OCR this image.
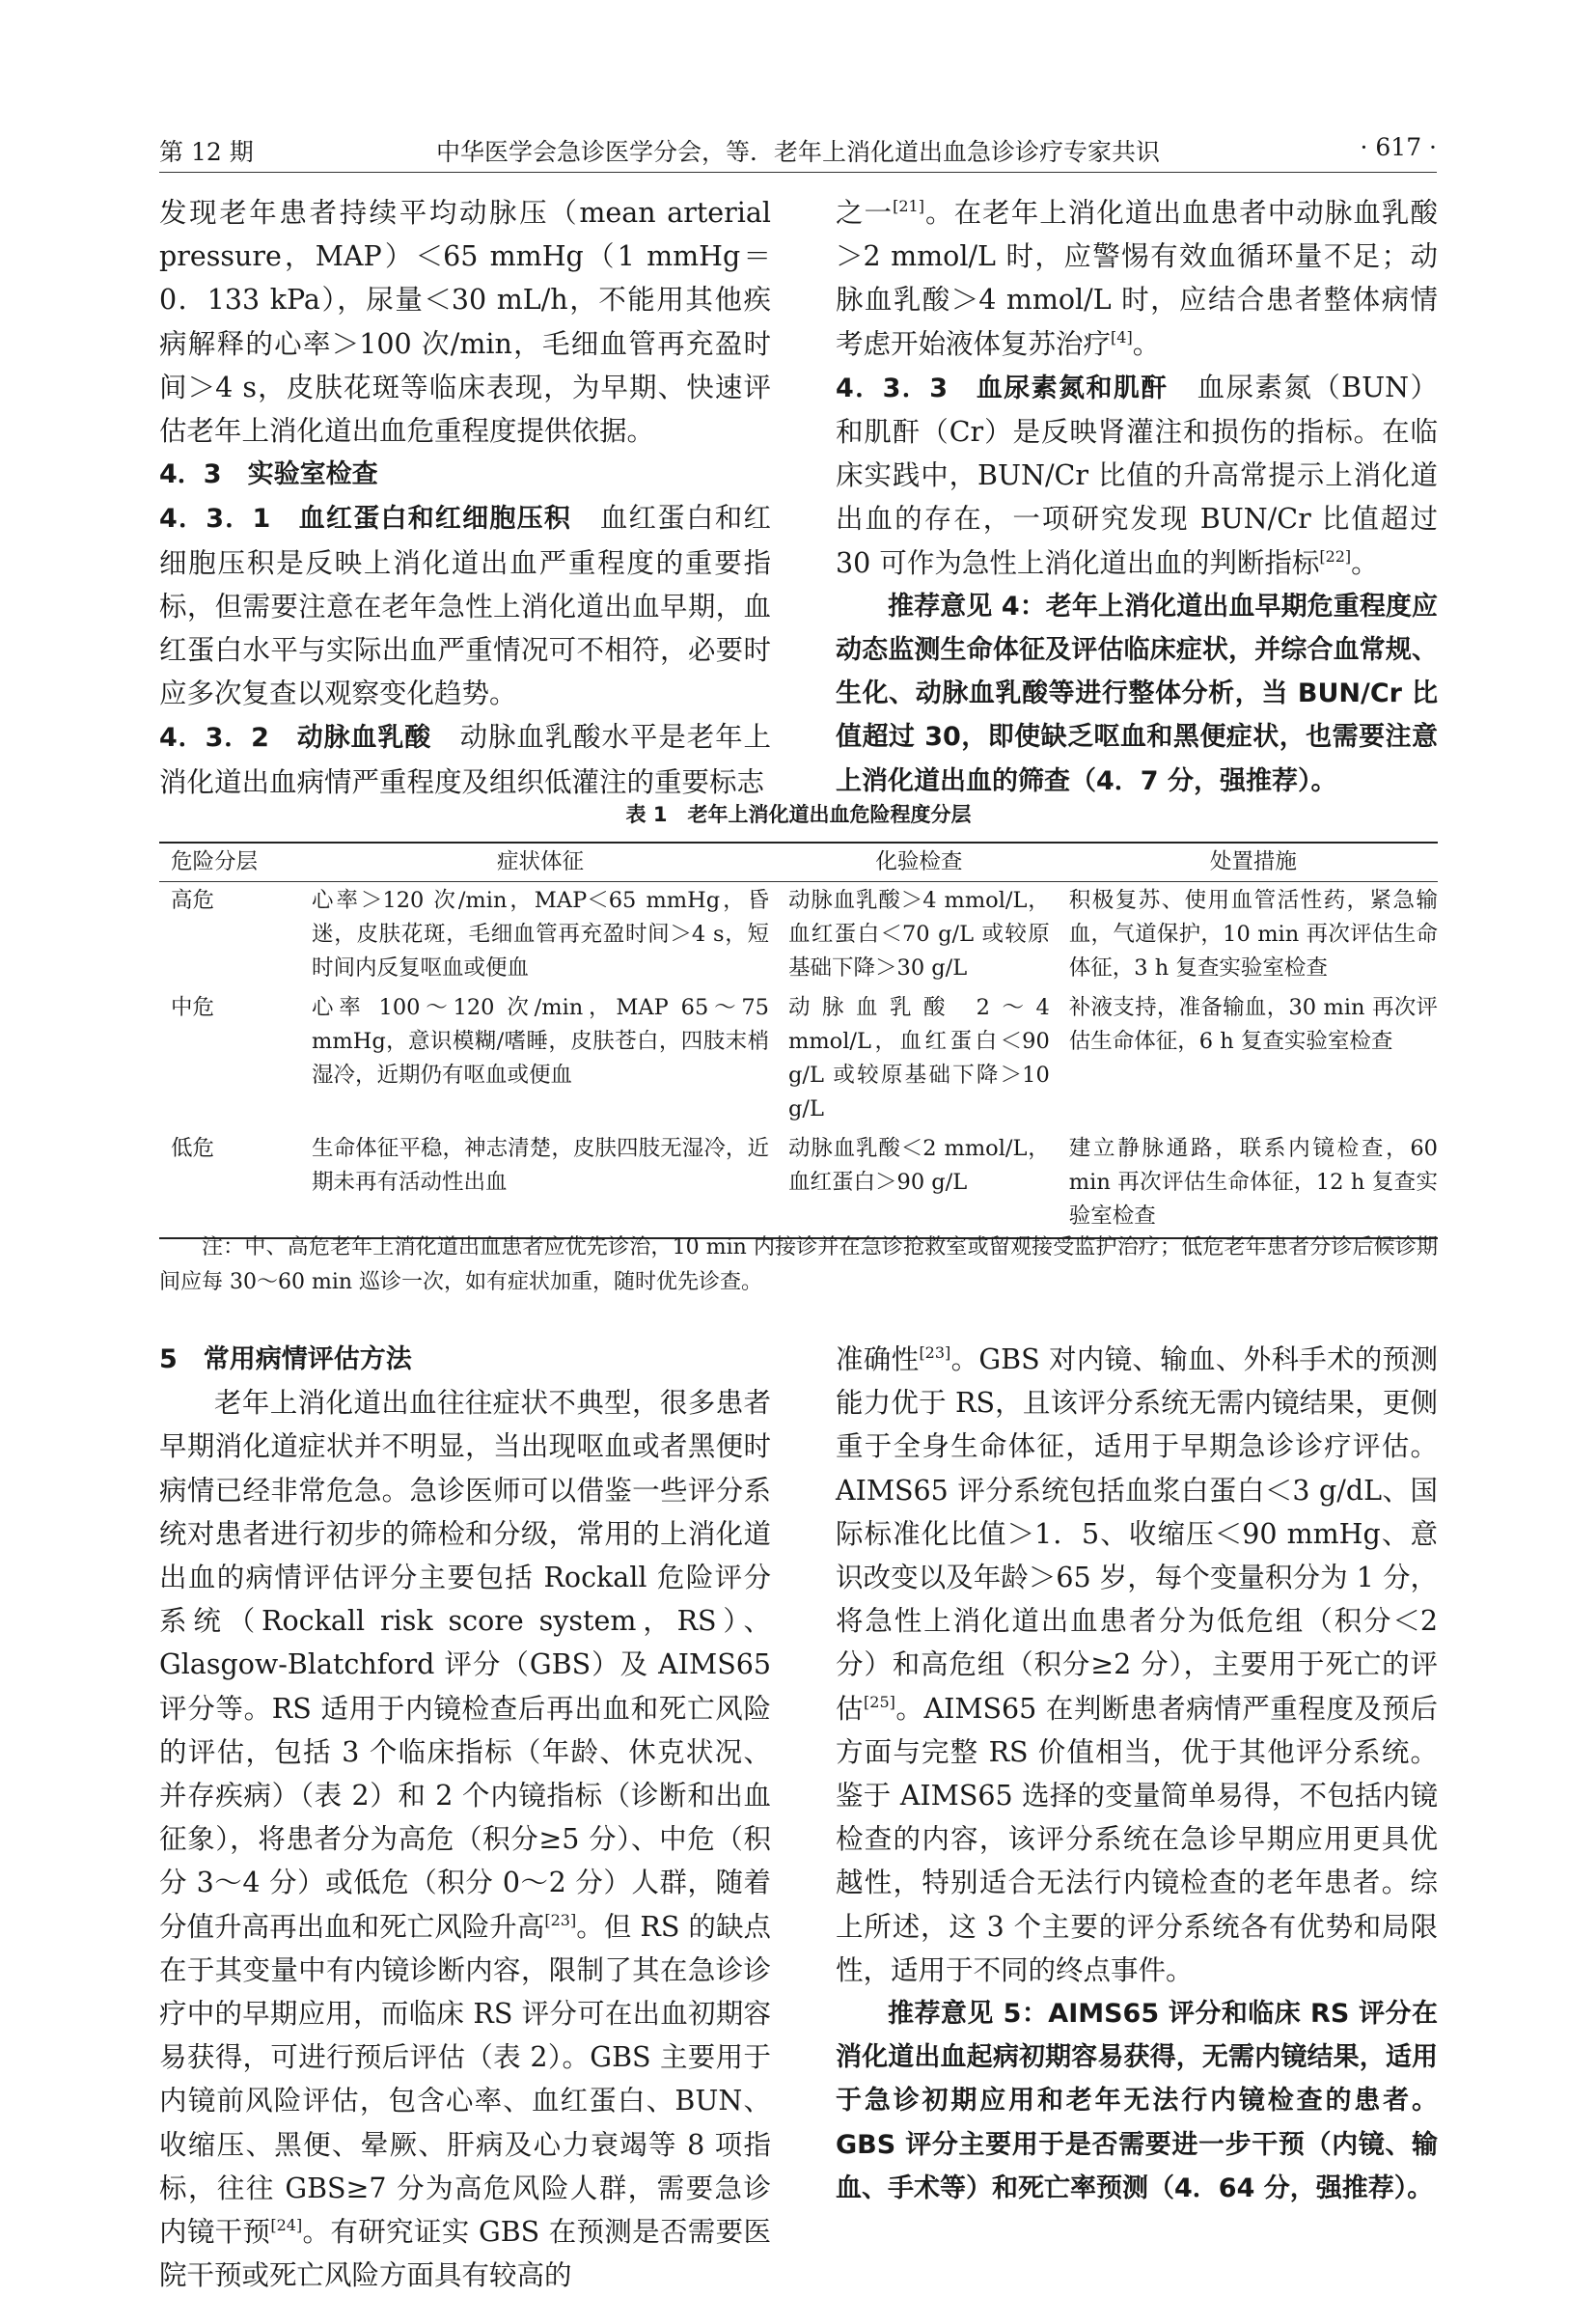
第 12 期	中华医学会急诊医学分会，等．老年上消化道出血急诊诊疗专家共识	· 617 ·

发现老年患者持续平均动脉压（mean arterial pressure，MAP）＜65 mmHg（1 mmHg＝0．133 kPa），尿量＜30 mL/h，不能用其他疾病解释的心率＞100 次/min，毛细血管再充盈时间＞4 s，皮肤花斑等临床表现，为早期、快速评估老年上消化道出血危重程度提供依据。

4．3　实验室检查

4．3．1　血红蛋白和红细胞压积　血红蛋白和红细胞压积是反映上消化道出血严重程度的重要指标，但需要注意在老年急性上消化道出血早期，血红蛋白水平与实际出血严重情况可不相符，必要时应多次复查以观察变化趋势。

4．3．2　动脉血乳酸　动脉血乳酸水平是老年上消化道出血病情严重程度及组织低灌注的重要标志

之一[21]。在老年上消化道出血患者中动脉血乳酸＞2 mmol/L 时，应警惕有效血循环量不足；动脉血乳酸＞4 mmol/L 时，应结合患者整体病情考虑开始液体复苏治疗[4]。

4．3．3　血尿素氮和肌酐　血尿素氮（BUN）和肌酐（Cr）是反映肾灌注和损伤的指标。在临床实践中，BUN/Cr 比值的升高常提示上消化道出血的存在，一项研究发现 BUN/Cr 比值超过 30 可作为急性上消化道出血的判断指标[22]。

推荐意见 4：老年上消化道出血早期危重程度应动态监测生命体征及评估临床症状，并综合血常规、生化、动脉血乳酸等进行整体分析，当 BUN/Cr 比值超过 30，即使缺乏呕血和黑便症状，也需要注意上消化道出血的筛查（4．7 分，强推荐）。

表 1　老年上消化道出血危险程度分层
危险分层	症状体征	化验检查	处置措施
高危	心率＞120 次/min，MAP＜65 mmHg，昏迷，皮肤花斑，毛细血管再充盈时间＞4 s，短时间内反复呕血或便血	动脉血乳酸＞4 mmol/L，血红蛋白＜70 g/L 或较原基础下降＞30 g/L	积极复苏、使用血管活性药，紧急输血，气道保护，10 min 再次评估生命体征，3 h 复查实验室检查
中危	心率 100～120 次/min，MAP 65～75 mmHg，意识模糊/嗜睡，皮肤苍白，四肢末梢湿冷，近期仍有呕血或便血	动脉血乳酸 2～4 mmol/L，血红蛋白＜90 g/L 或较原基础下降＞10 g/L	补液支持，准备输血，30 min 再次评估生命体征，6 h 复查实验室检查
低危	生命体征平稳，神志清楚，皮肤四肢无湿冷，近期未再有活动性出血	动脉血乳酸＜2 mmol/L，血红蛋白＞90 g/L	建立静脉通路，联系内镜检查，60 min 再次评估生命体征，12 h 复查实验室检查
注：中、高危老年上消化道出血患者应优先诊治，10 min 内接诊并在急诊抢救室或留观接受监护治疗；低危老年患者分诊后候诊期间应每 30～60 min 巡诊一次，如有症状加重，随时优先诊查。

5　常用病情评估方法

老年上消化道出血往往症状不典型，很多患者早期消化道症状并不明显，当出现呕血或者黑便时病情已经非常危急。急诊医师可以借鉴一些评分系统对患者进行初步的筛检和分级，常用的上消化道出血的病情评估评分主要包括 Rockall 危险评分系统（Rockall risk score system，RS）、Glasgow-Blatchford 评分（GBS）及 AIMS65 评分等。RS 适用于内镜检查后再出血和死亡风险的评估，包括 3 个临床指标（年龄、休克状况、并存疾病）（表 2）和 2 个内镜指标（诊断和出血征象），将患者分为高危（积分≥5 分）、中危（积分 3～4 分）或低危（积分 0～2 分）人群，随着分值升高再出血和死亡风险升高[23]。但 RS 的缺点在于其变量中有内镜诊断内容，限制了其在急诊诊疗中的早期应用，而临床 RS 评分可在出血初期容易获得，可进行预后评估（表 2）。GBS 主要用于内镜前风险评估，包含心率、血红蛋白、BUN、收缩压、黑便、晕厥、肝病及心力衰竭等 8 项指标，往往 GBS≥7 分为高危风险人群，需要急诊内镜干预[24]。有研究证实 GBS 在预测是否需要医院干预或死亡风险方面具有较高的

准确性[23]。GBS 对内镜、输血、外科手术的预测能力优于 RS，且该评分系统无需内镜结果，更侧重于全身生命体征，适用于早期急诊诊疗评估。AIMS65 评分系统包括血浆白蛋白＜3 g/dL、国际标准化比值＞1．5、收缩压＜90 mmHg、意识改变以及年龄＞65 岁，每个变量积分为 1 分，将急性上消化道出血患者分为低危组（积分＜2 分）和高危组（积分≥2 分），主要用于死亡的评估[25]。AIMS65 在判断患者病情严重程度及预后方面与完整 RS 价值相当，优于其他评分系统。鉴于 AIMS65 选择的变量简单易得，不包括内镜检查的内容，该评分系统在急诊早期应用更具优越性，特别适合无法行内镜检查的老年患者。综上所述，这 3 个主要的评分系统各有优势和局限性，适用于不同的终点事件。

推荐意见 5：AIMS65 评分和临床 RS 评分在消化道出血起病初期容易获得，无需内镜结果，适用于急诊初期应用和老年无法行内镜检查的患者。GBS 评分主要用于是否需要进一步干预（内镜、输血、手术等）和死亡率预测（4．64 分，强推荐）。
